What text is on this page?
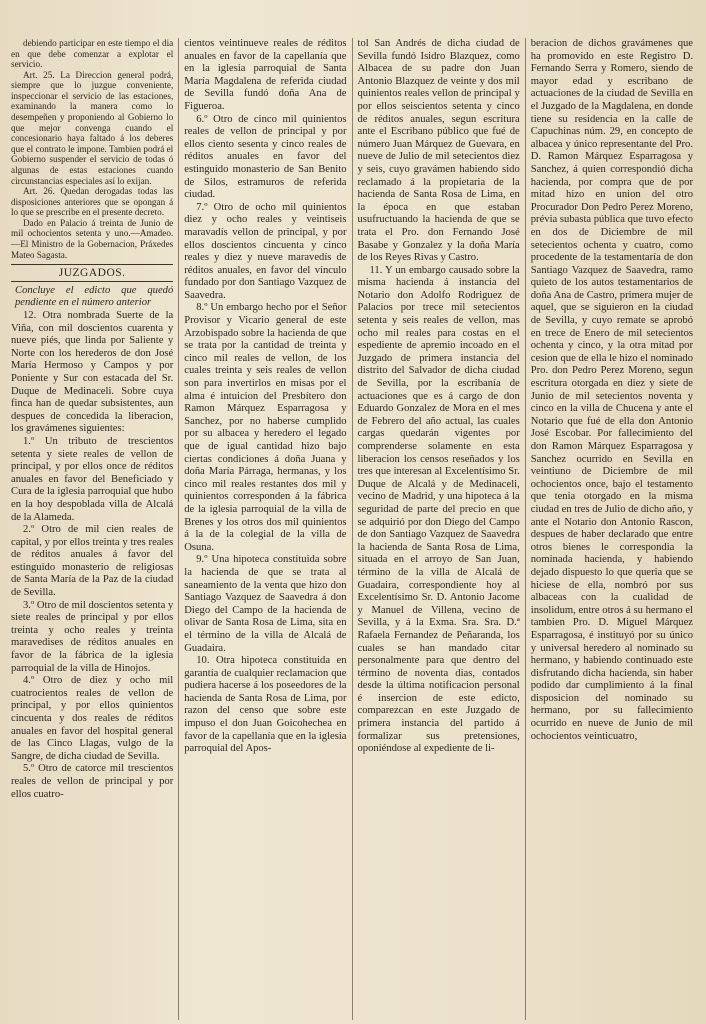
debiendo participar en este tiempo el dia en que debe comenzar a explotar el servicio.

Art. 25. La Direccion general podrá, siempre que lo juzgue conveniente, inspeccionar el servicio de las estaciones, examinando la manera como lo desempeñen y proponiendo al Gobierno lo que mejor convenga cuando el concesionario haya faltado á los deberes que el contrato le impone. Tambien podrá el Gobierno suspender el servicio de todas ó algunas de estas estaciones cuando circunstancias especiales así lo exijan.

Art. 26. Quedan derogadas todas las disposiciones anteriores que se opongan á lo que se prescribe en el presente decreto.

Dado en Palacio á treinta de Junio de mil ochocientos setenta y uno.—Amadeo.—El Ministro de la Gobernacion, Práxedes Mateo Sagasta.

JUZGADOS.

Concluye el edicto que quedó pendiente en el número anterior

12. Otra nombrada Suerte de la Viña, con mil doscientos cuarenta y nueve piés, que linda por Saliente y Norte con los herederos de don José María Hermoso y Campos y por Poniente y Sur con estacada del Sr. Duque de Medinaceli. Sobre cuya finca han de quedar subsistentes, aun despues de concedida la liberacion, los gravámenes siguientes:

1.º Un tributo de trescientos setenta y siete reales de vellon de principal, y por ellos once de réditos anuales en favor del Beneficiado y Cura de la iglesia parroquial que hubo en la hoy despoblada villa de Alcalá de la Alameda.

2.º Otro de mil cien reales de capital, y por ellos treinta y tres reales de réditos anuales á favor del estinguido monasterio de religiosas de Santa María de la Paz de la ciudad de Sevilla.

3.º Otro de mil doscientos setenta y siete reales de principal y por ellos treinta y ocho reales y treinta maravedises de réditos anuales en favor de la fábrica de la iglesia parroquial de la villa de Hinojos.

4.º Otro de diez y ocho mil cuatrocientos reales de vellon de principal, y por ellos quinientos cincuenta y dos reales de réditos anuales en favor del hospital general de las Cinco Llagas, vulgo de la Sangre, de dicha ciudad de Sevilla.

5.º Otro de catorce mil trescientos reales de vellon de principal y por ellos cuatro-

cientos veintinueve reales de réditos anuales en favor de la capellanía que en la iglesia parroquial de Santa María Magdalena de referida ciudad de Sevilla fundó doña Ana de Figueroa.

6.º Otro de cinco mil quinientos reales de vellon de principal y por ellos ciento sesenta y cinco reales de réditos anuales en favor del estinguido monasterio de San Benito de Silos, estramuros de referida ciudad.

7.º Otro de ocho mil quinientos diez y ocho reales y veintiseis maravadís vellon de principal, y por ellos doscientos cincuenta y cinco reales y diez y nueve maravedís de réditos anuales, en favor del vínculo fundado por don Santiago Vazquez de Saavedra.

8.º Un embargo hecho por el Señor Provisor y Vicario general de este Arzobispado sobre la hacienda de que se trata por la cantidad de treinta y cinco mil reales de vellon, de los cuales treinta y seis reales de vellon son para invertirlos en misas por el alma é intuicion del Presbítero don Ramon Márquez Esparragosa y Sanchez, por no haberse cumplido por su albacea y heredero el legado que de igual cantidad hizo bajo ciertas condiciones á doña Juana y doña María Párraga, hermanas, y los cinco mil reales restantes dos mil y quinientos corresponden á la fábrica de la iglesia parroquial de la villa de Brenes y los otros dos mil quinientos á la de la colegial de la villa de Osuna.

9.º Una hipoteca constituida sobre la hacienda de que se trata al saneamiento de la venta que hizo don Santiago Vazquez de Saavedra á don Diego del Campo de la hacienda de olivar de Santa Rosa de Lima, sita en el término de la villa de Alcalá de Guadaira.

10. Otra hipoteca constituida en garantía de cualquier reclamacion que pudiera hacerse á los poseedores de la hacienda de Santa Rosa de Lima, por razon del censo que sobre este impuso el don Juan Goicohechea en favor de la capellanía que en la iglesia parroquial del Apos-

tol San Andrés de dicha ciudad de Sevilla fundó Isidro Blazquez, como Albacea de su padre don Juan Antonio Blazquez de veinte y dos mil quinientos reales vellon de principal y por ellos seiscientos setenta y cinco de réditos anuales, segun escritura ante el Escribano público que fué de número Juan Márquez de Guevara, en nueve de Julio de mil setecientos diez y seis, cuyo gravámen habiendo sido reclamado á la propietaria de la hacienda de Santa Rosa de Lima, en la época en que estaban usufructuando la hacienda de que se trata el Pro. don Fernando José Basabe y Gonzalez y la doña María de los Reyes Rivas y Castro.

11. Y un embargo causado sobre la misma hacienda á instancia del Notario don Adolfo Rodriguez de Palacios por trece mil setecientos setenta y seis reales de vellon, mas ocho mil reales para costas en el espediente de apremio incoado en el Juzgado de primera instancia del distrito del Salvador de dicha ciudad de Sevilla, por la escribanía de actuaciones que es á cargo de don Eduardo Gonzalez de Mora en el mes de Febrero del año actual, las cuales cargas quedarán vigentes por comprenderse solamente en esta liberacion los censos reseñados y los tres que interesan al Excelentísimo Sr. Duque de Alcalá y de Medinaceli, vecino de Madrid, y una hipoteca á la seguridad de parte del precio en que se adquirió por don Diego del Campo de don Santiago Vazquez de Saavedra la hacienda de Santa Rosa de Lima, situada en el arroyo de San Juan, término de la villa de Alcalá de Guadaira, correspondiente hoy al Excelentísimo Sr. D. Antonio Jacome y Manuel de Villena, vecino de Sevilla, y á la Exma. Sra. Sra. D.ª Rafaela Fernandez de Peñaranda, los cuales se han mandado citar personalmente para que dentro del término de noventa dias, contados desde la última notificacion personal é insercion de este edicto, comparezcan en este Juzgado de primera instancia del partido á formalizar sus pretensiones, oponiéndose al expediente de li-

beracion de dichos gravámenes que ha promovido en este Registro D. Fernando Serra y Romero, siendo de mayor edad y escribano de actuaciones de la ciudad de Sevilla en el Juzgado de la Magdalena, en donde tiene su residencia en la calle de Capuchinas núm. 29, en concepto de albacea y único representante del Pro. D. Ramon Márquez Esparragosa y Sanchez, á quien correspondió dicha hacienda, por compra que de por mitad hizo en union del otro Procurador Don Pedro Perez Moreno, prévia subasta pública que tuvo efecto en dos de Diciembre de mil setecientos ochenta y cuatro, como procedente de la testamentaría de don Santiago Vazquez de Saavedra, ramo quieto de los autos testamentarios de doña Ana de Castro, primera mujer de aquel, que se siguieron en la ciudad de Sevilla, y cuyo remate se aprobó en trece de Enero de mil setecientos ochenta y cinco, y la otra mitad por cesion que de ella le hizo el nominado Pro. don Pedro Perez Moreno, segun escritura otorgada en diez y siete de Junio de mil setecientos noventa y cinco en la villa de Chucena y ante el Notario que fué de ella don Antonio José Escobar. Por fallecimiento del don Ramon Márquez Esparragosa y Sanchez ocurrido en Sevilla en veintiuno de Diciembre de mil ochocientos once, bajo el testamento que tenia otorgado en la misma ciudad en tres de Julio de dicho año, y ante el Notario don Antonio Rascon, despues de haber declarado que entre otros bienes le correspondia la nominada hacienda, y habiendo dejado dispuesto lo que queria que se hiciese de ella, nombró por sus albaceas con la cualidad de insolidum, entre otros á su hermano el tambien Pro. D. Miguel Márquez Esparragosa, é instituyó por su único y universal heredero al nominado su hermano, y habiendo continuado este disfrutando dicha hacienda, sin haber podido dar cumplimiento á la final disposicion del nominado su hermano, por su fallecimiento ocurrido en nueve de Junio de mil ochocientos veinticuatro,
